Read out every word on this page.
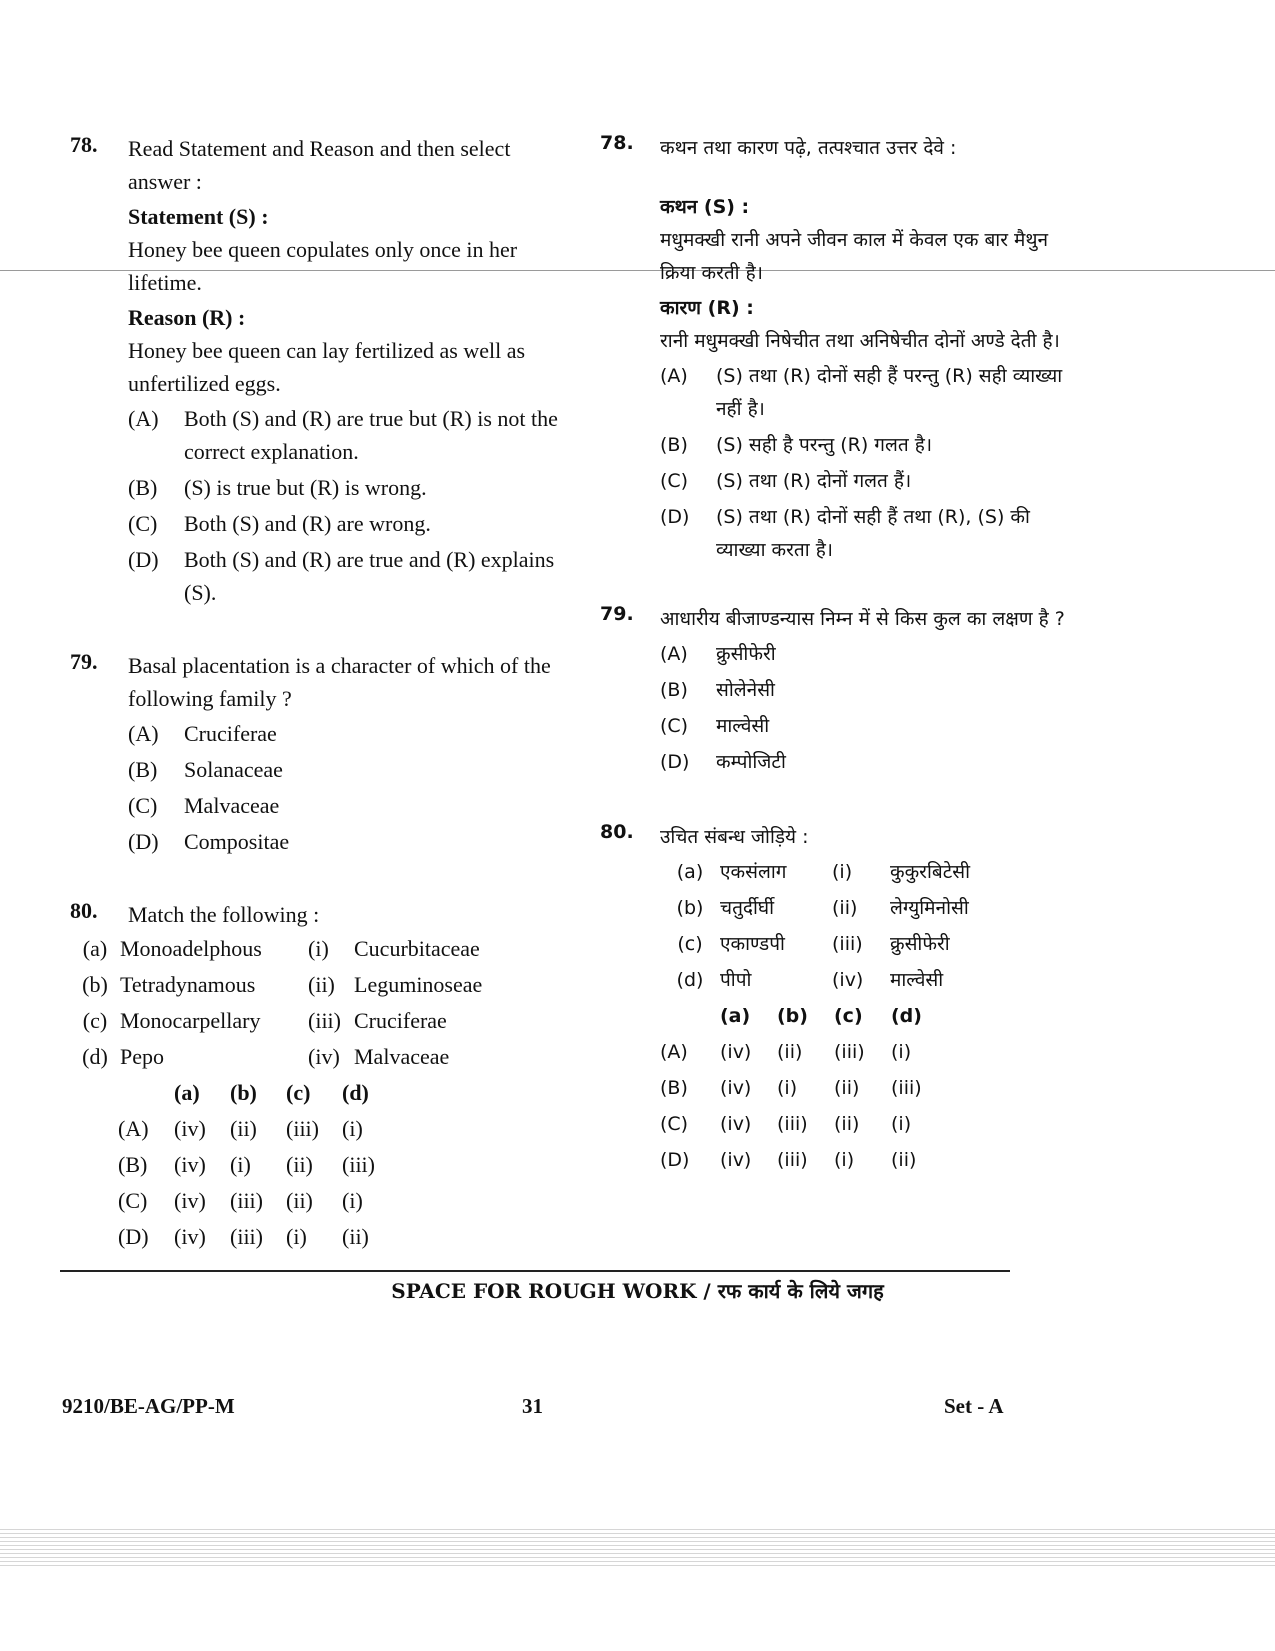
78. Read Statement and Reason and then select answer :
Statement (S) :
Honey bee queen copulates only once in her lifetime.
Reason (R) :
Honey bee queen can lay fertilized as well as unfertilized eggs.
(A)	Both (S) and (R) are true but (R) is not the correct explanation.
(B)	(S) is true but (R) is wrong.
(C)	Both (S) and (R) are wrong.
(D)	Both (S) and (R) are true and (R) explains (S).
79. Basal placentation is a character of which of the following family ?
(A)	Cruciferae
(B)	Solanaceae
(C)	Malvaceae
(D)	Compositae
80. Match the following :
(a) Monoadelphous	(i)	Cucurbitaceae
(b) Tetradynamous	(ii) Leguminoseae
(c) Monocarpellary	(iii) Cruciferae
(d) Pepo	(iv) Malvaceae
(a)	(b)	(c)	(d)
(A)	(iv)	(ii)	(iii)	(i)
(B)	(iv)	(i)	(ii)	(iii)
(C)	(iv)	(iii)	(ii)	(i)
(D)	(iv)	(iii)	(i)	(ii)
78. कथन तथा कारण पढ़े, तत्पश्चात उत्तर देवे :
कथन (S) :
मधुमक्खी रानी अपने जीवन काल में केवल एक बार मैथुन क्रिया करती है।
कारण (R) :
रानी मधुमक्खी निषेचीत तथा अनिषेचीत दोनों अण्डे देती है।
(A)	(S) तथा (R) दोनों सही हैं परन्तु (R) सही व्याख्या नहीं है।
(B)	(S) सही है परन्तु (R) गलत है।
(C)	(S) तथा (R) दोनों गलत हैं।
(D)	(S) तथा (R) दोनों सही हैं तथा (R), (S) की व्याख्या करता है।
79. आधारीय बीजाण्डन्यास निम्न में से किस कुल का लक्षण है ?
(A)	क्रुसीफेरी
(B)	सोलेनेसी
(C)	माल्वेसी
(D)	कम्पोजिटी
80. उचित संबन्ध जोड़िये :
(a) एकसंलाग	(i)	कुकुरबिटेसी
(b) चतुर्दीर्घी	(ii)	लेग्युमिनोसी
(c) एकाण्डपी	(iii)	क्रुसीफेरी
(d) पीपो	(iv)	माल्वेसी
(a)	(b)	(c)	(d)
(A)	(iv)	(ii)	(iii)	(i)
(B)	(iv)	(i)	(ii)	(iii)
(C)	(iv)	(iii)	(ii)	(i)
(D)	(iv)	(iii)	(i)	(ii)
SPACE FOR ROUGH WORK / रफ कार्य के लिये जगह
9210/BE-AG/PP-M	31	Set - A
